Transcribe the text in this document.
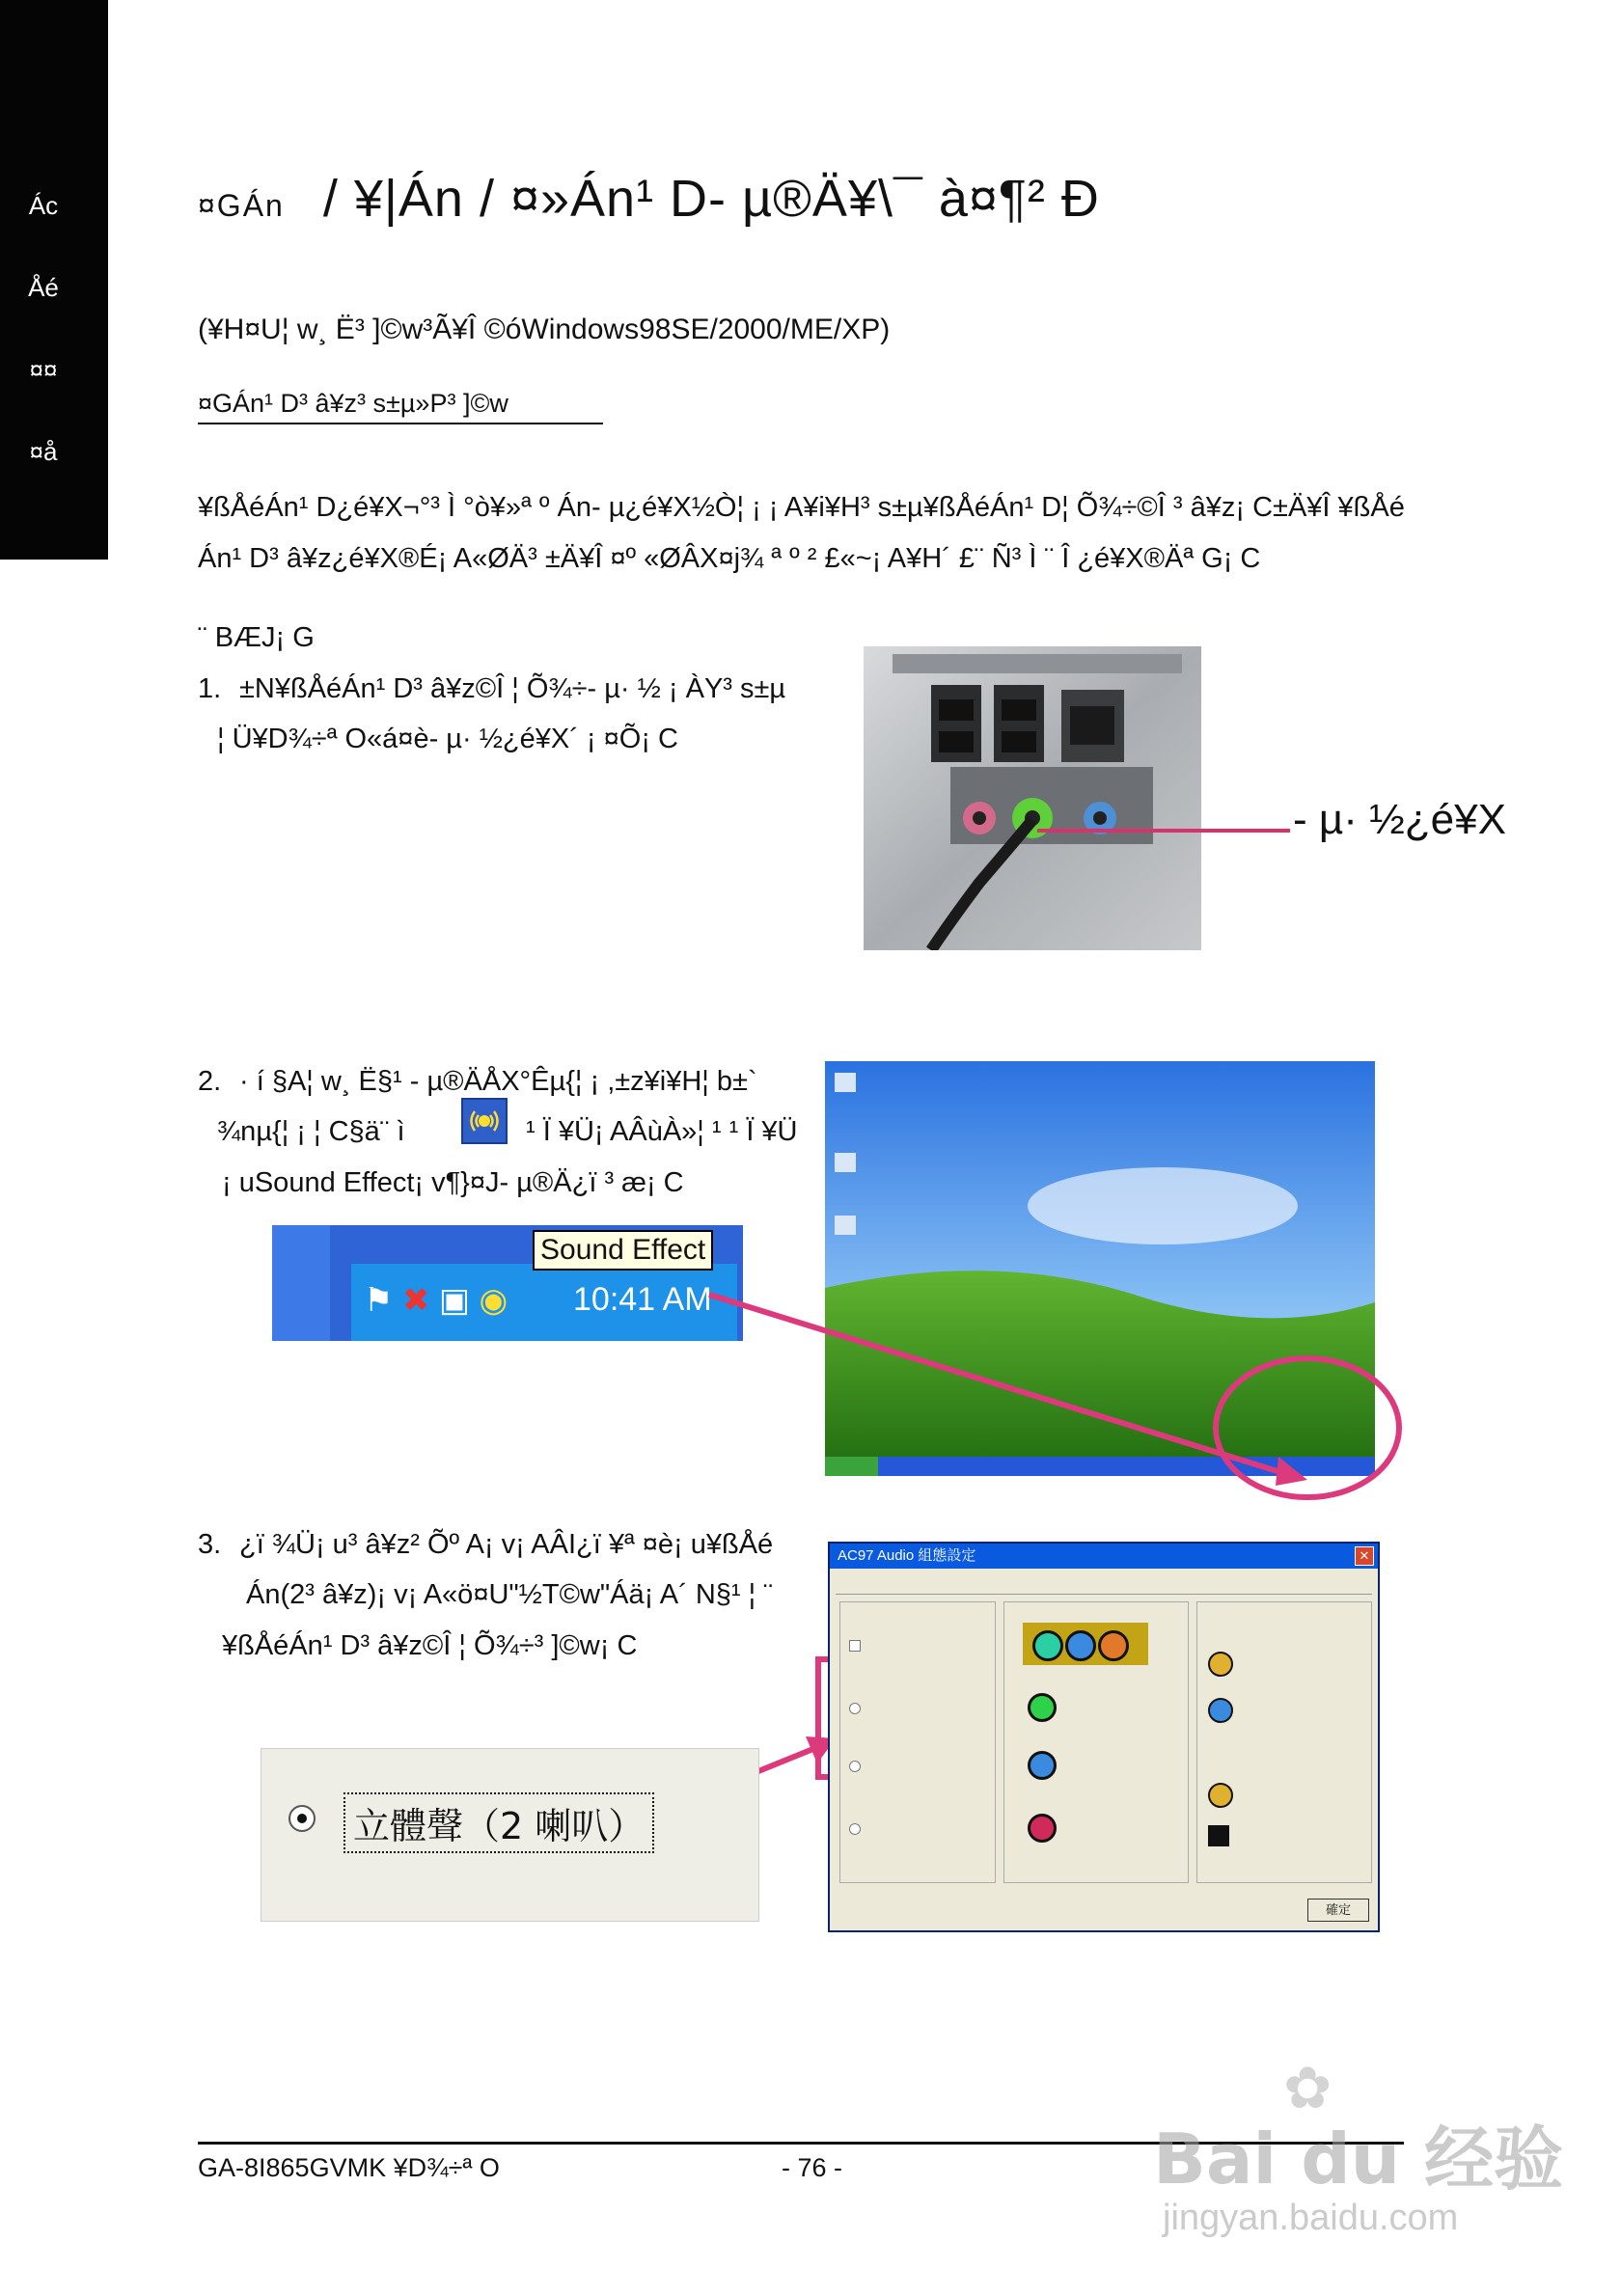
Ác
Åé
¤¤
¤å
¤GÁn / ¥|Án / ¤»Án¹ D- µ®Ä¥\¯ à¤¶² Ð
(¥H¤U¦ w¸ Ë³ ]©w³Ã¥Î ©óWindows98SE/2000/ME/XP)
¤GÁn¹ D³ â¥z³ s±µ»P³ ]©w
¥ßÅéÁn¹ D¿é¥X¬°³ Ì °ò¥»ª º Án- µ¿é¥X½Ò¦ ¡ ¡ A¥i¥H³ s±µ¥ßÅéÁn¹ D¦ Õ¾÷©Î ³ â¥z¡ C±Ä¥Î ¥ßÅé
Án¹ D³ â¥z¿é¥X®É¡ A«ØÄ³ ±Ä¥Î ¤º «ØÂX¤j¾ ª º ² £«~¡ A¥H´ £¨ Ñ³ Ì ¨ Î ¿é¥X®Äª G¡ C
¨ BÆJ¡ G
1. ±N¥ßÅéÁn¹ D³ â¥z©Î ¦ Õ¾÷- µ· ½ ¡ ÀY³ s±µ
¦ Ü¥D¾÷ª O«á¤è- µ· ½¿é¥X´ ¡ ¤Õ¡ C
- µ· ½¿é¥X
2. · í §A¦ w¸ Ë§¹ - µ®ÄÅX°Êµ{¦ ¡ ,±z¥i¥H¦ b±`
¾nµ{¦ ¡ ¦ C§ä¨ ì	¹ Ï ¥Ü¡ AÂùÀ»¦ ¹ ¹ Ï ¥Ü
¡ uSound Effect¡ v¶}¤J- µ®Ä¿ï ³ æ¡ C
⚑ ✖ ▣ ◉ 10:41 AM
Sound Effect
3. ¿ï ¾Ü¡ u³ â¥z² Õº A¡ v¡ AÂI¿ï ¥ª ¤è¡ u¥ßÅé
Án(2³ â¥z)¡ v¡ A«ö¤U"½T©w"Áä¡ A´ N§¹ ¦ ¨
¥ßÅéÁn¹ D³ â¥z©Î ¦ Õ¾÷³ ]©w¡ C
立體聲（2 喇叭）
AC97 Audio 組態設定	✕
確定
GA-8I865GVMK ¥D¾÷ª O	- 76 -	Bai du 经验
jingyan.baidu.com
✿
